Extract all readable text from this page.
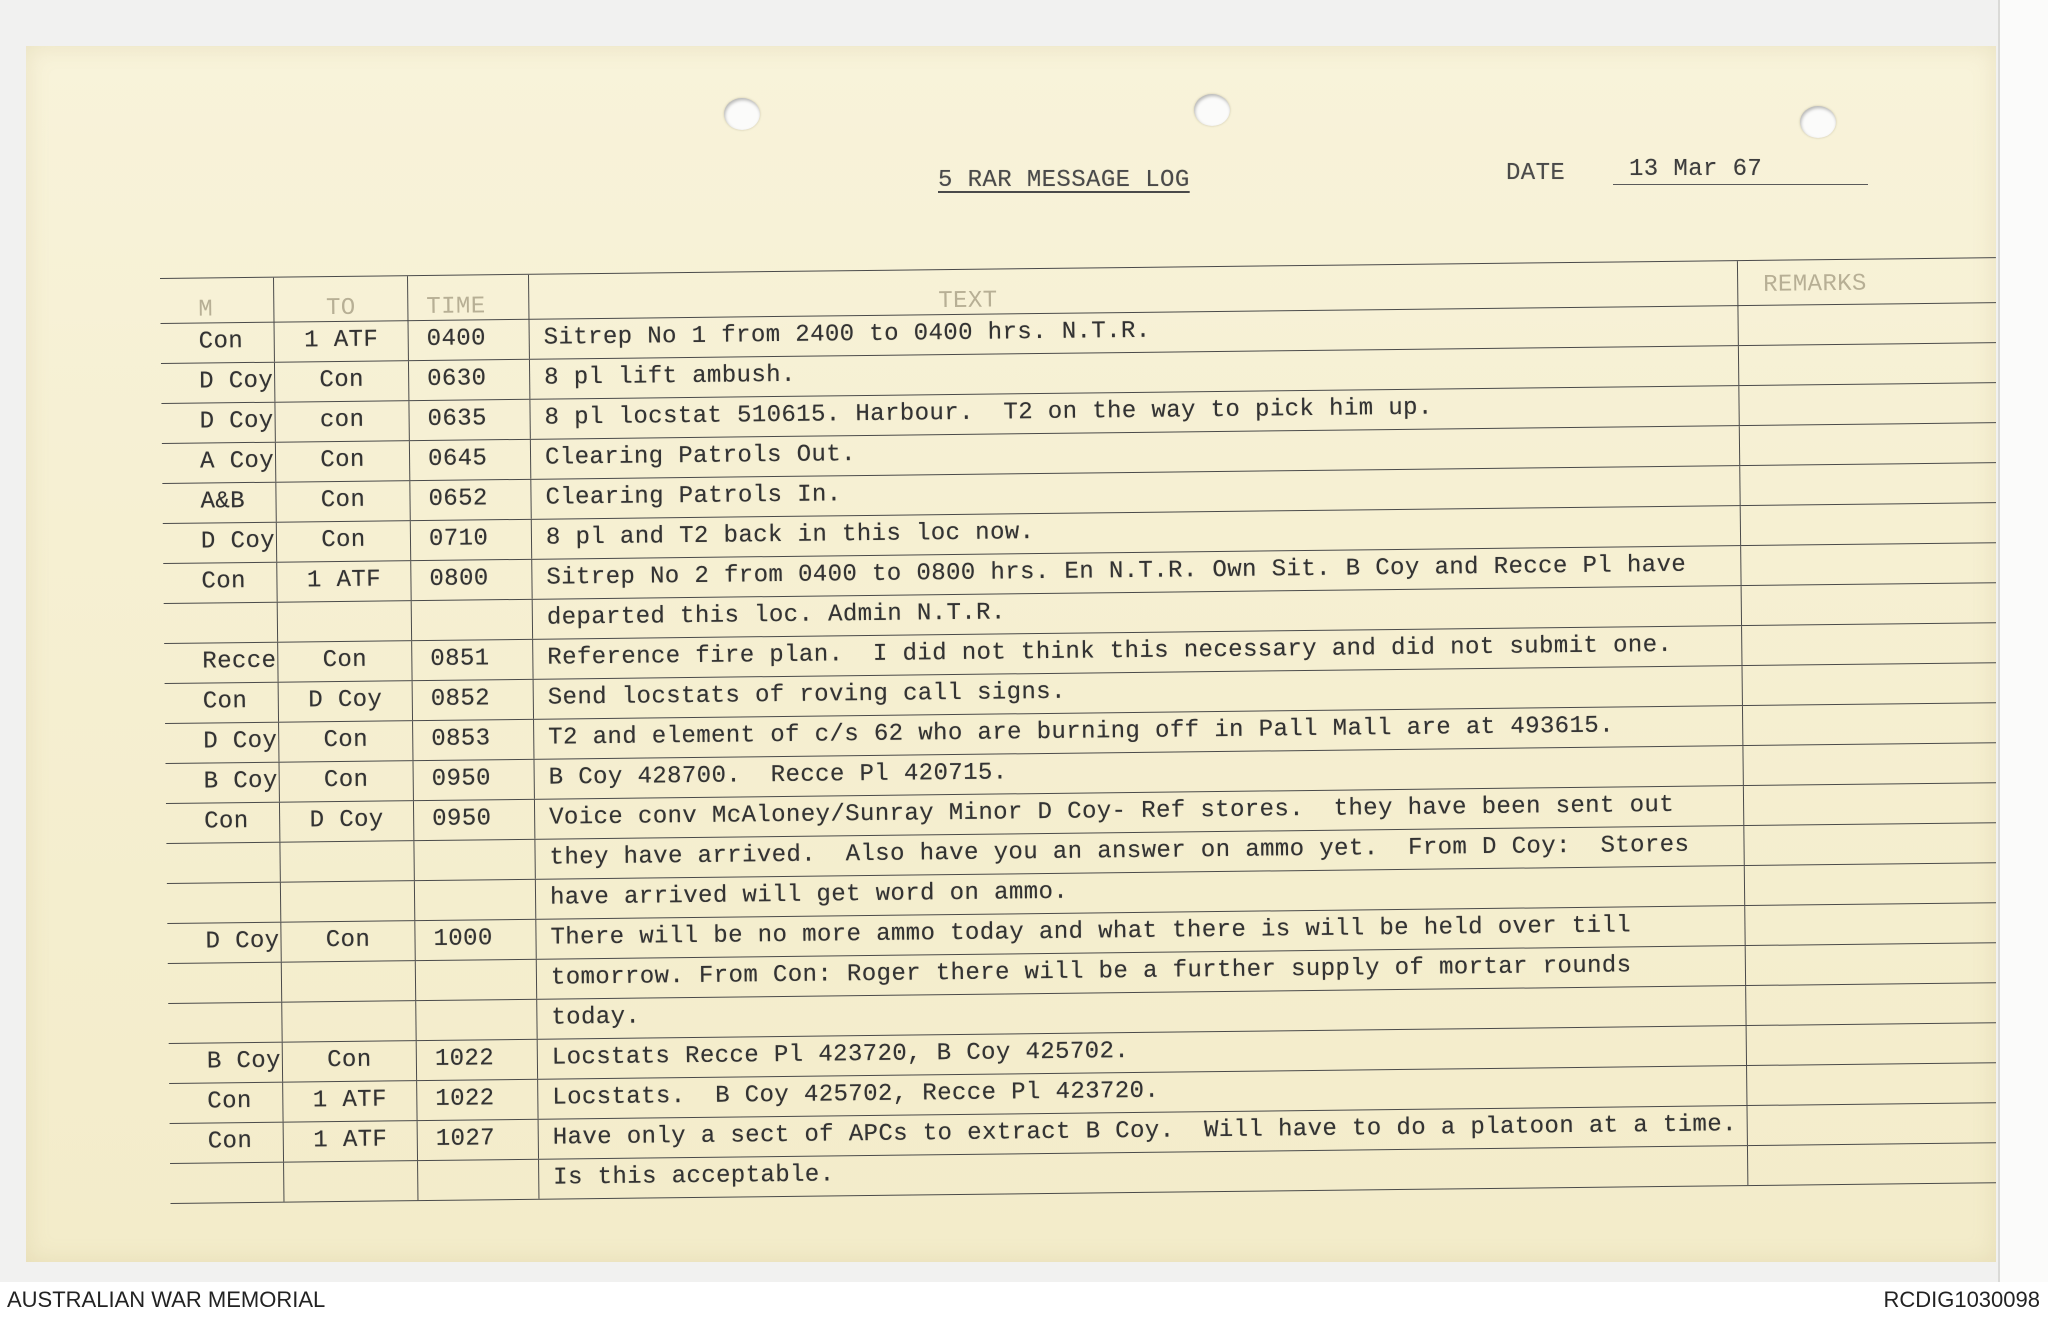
5 RAR MESSAGE LOG	DATE	13 Mar 67
M	TO	TIME	TEXT
REMARKS
Con	1 ATF	0400	Sitrep No 1 from 2400 to 0400 hrs. N.T.R.
D Coy	Con	0630	8 pl lift ambush.
D Coy	con	0635	8 pl locstat 510615. Harbour.  T2 on the way to pick him up.
A Coy	Con	0645	Clearing Patrols Out.
A&B	Con	0652	Clearing Patrols In.
D Coy	Con	0710	8 pl and T2 back in this loc now.
Con	1 ATF	0800	Sitrep No 2 from 0400 to 0800 hrs. En N.T.R. Own Sit. B Coy and Recce Pl have
departed this loc. Admin N.T.R.
Recce	Con	0851	Reference fire plan.  I did not think this necessary and did not submit one.
Con	D Coy	0852	Send locstats of roving call signs.
D Coy	Con	0853	T2 and element of c/s 62 who are burning off in Pall Mall are at 493615.
B Coy	Con	0950	B Coy 428700.  Recce Pl 420715.
Con	D Coy	0950	Voice conv McAloney/Sunray Minor D Coy- Ref stores.  they have been sent out
they have arrived.  Also have you an answer on ammo yet.  From D Coy:  Stores
have arrived will get word on ammo.
D Coy	Con	1000	There will be no more ammo today and what there is will be held over till
tomorrow. From Con: Roger there will be a further supply of mortar rounds
today.
B Coy	Con	1022	Locstats Recce Pl 423720, B Coy 425702.
Con	1 ATF	1022	Locstats.  B Coy 425702, Recce Pl 423720.
Con	1 ATF	1027	Have only a sect of APCs to extract B Coy.  Will have to do a platoon at a time.
Is this acceptable.
AUSTRALIAN WAR MEMORIAL	RCDIG1030098
